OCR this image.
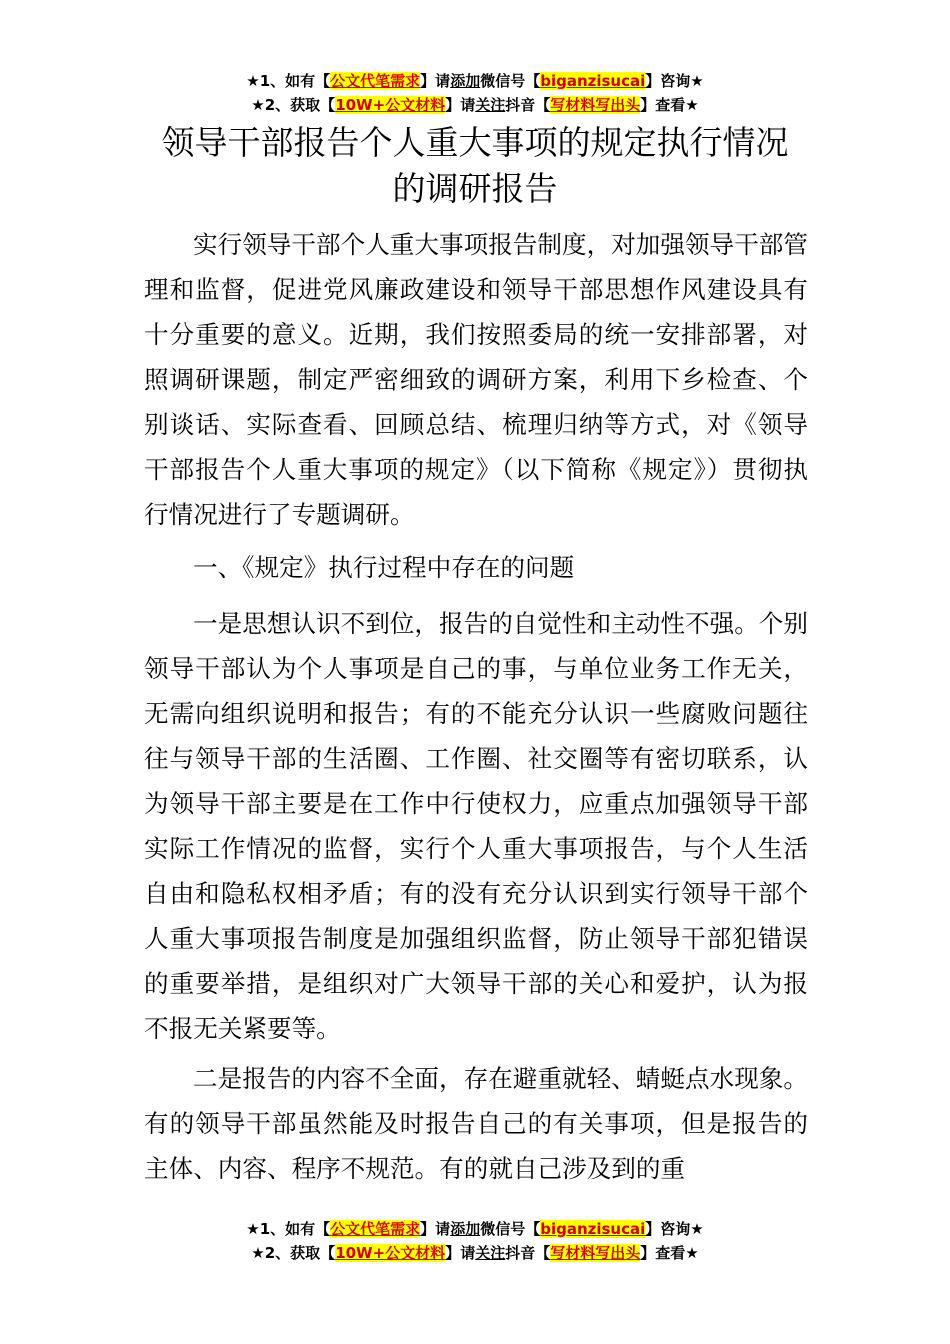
★1、如有【公文代笔需求】请添加微信号【biganzisucai】咨询★
★2、获取【10W+公文材料】请关注抖音【写材料写出头】查看★
领导干部报告个人重大事项的规定执行情况
的调研报告

实行领导干部个人重大事项报告制度，对加强领导干部管理和监督，促进党风廉政建设和领导干部思想作风建设具有十分重要的意义。近期，我们按照委局的统一安排部署，对照调研课题，制定严密细致的调研方案，利用下乡检查、个别谈话、实际查看、回顾总结、梳理归纳等方式，对《领导干部报告个人重大事项的规定》（以下简称《规定》）贯彻执行情况进行了专题调研。

一、《规定》执行过程中存在的问题

一是思想认识不到位，报告的自觉性和主动性不强。个别领导干部认为个人事项是自己的事，与单位业务工作无关，无需向组织说明和报告；有的不能充分认识一些腐败问题往往与领导干部的生活圈、工作圈、社交圈等有密切联系，认为领导干部主要是在工作中行使权力，应重点加强领导干部实际工作情况的监督，实行个人重大事项报告，与个人生活自由和隐私权相矛盾；有的没有充分认识到实行领导干部个人重大事项报告制度是加强组织监督，防止领导干部犯错误的重要举措，是组织对广大领导干部的关心和爱护，认为报不报无关紧要等。

二是报告的内容不全面，存在避重就轻、蜻蜓点水现象。有的领导干部虽然能及时报告自己的有关事项，但是报告的主体、内容、程序不规范。有的就自己涉及到的重

★1、如有【公文代笔需求】请添加微信号【biganzisucai】咨询★
★2、获取【10W+公文材料】请关注抖音【写材料写出头】查看★
